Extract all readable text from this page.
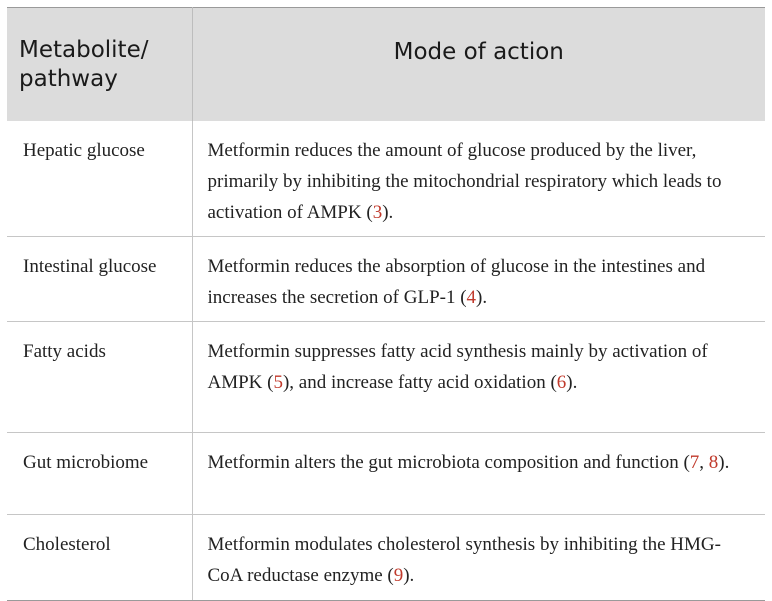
Metabolite/
pathway	Mode of action
Hepatic glucose	Metformin reduces the amount of glucose produced by the liver, primarily by inhibiting the mitochondrial respiratory which leads to activation of AMPK (3).
Intestinal glucose	Metformin reduces the absorption of glucose in the intestines and increases the secretion of GLP-1 (4).
Fatty acids	Metformin suppresses fatty acid synthesis mainly by activation of AMPK (5), and increase fatty acid oxidation (6).
Gut microbiome	Metformin alters the gut microbiota composition and function (7, 8).
Cholesterol	Metformin modulates cholesterol synthesis by inhibiting the HMG-CoA reductase enzyme (9).
